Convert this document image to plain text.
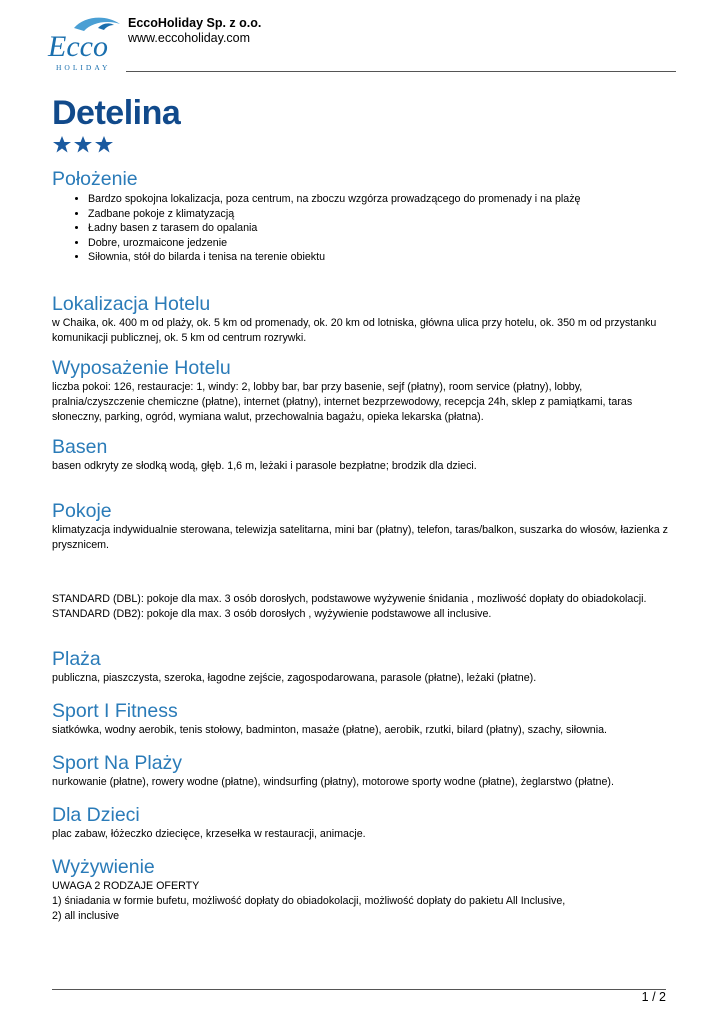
Ecco
HOLIDAY
EccoHoliday Sp. z o.o.
www.eccoholiday.com
Detelina
Położenie
• Bardzo spokojna lokalizacja, poza centrum, na zboczu wzgórza prowadzącego do promenady i na plażę
• Zadbane pokoje z klimatyzacją
• Ładny basen z tarasem do opalania
• Dobre, urozmaicone jedzenie
• Siłownia, stół do bilarda i tenisa na terenie obiektu
Lokalizacja Hotelu

w Chaika, ok. 400 m od plaży, ok. 5 km od promenady, ok. 20 km od lotniska, główna ulica przy hotelu, ok. 350 m od przystanku komunikacji publicznej, ok. 5 km od centrum rozrywki.

Wyposażenie Hotelu

liczba pokoi: 126, restauracje: 1, windy: 2, lobby bar, bar przy basenie, sejf (płatny), room service (płatny), lobby, pralnia/czyszczenie chemiczne (płatne), internet (płatny), internet bezprzewodowy, recepcja 24h, sklep z pamiątkami, taras słoneczny, parking, ogród, wymiana walut, przechowalnia bagażu, opieka lekarska (płatna).

Basen

basen odkryty ze słodką wodą, głęb. 1,6 m, leżaki i parasole bezpłatne; brodzik dla dzieci.

Pokoje

klimatyzacja indywidualnie sterowana, telewizja satelitarna, mini bar (płatny), telefon, taras/balkon, suszarka do włosów, łazienka z prysznicem.

STANDARD (DBL): pokoje dla max. 3 osób dorosłych, podstawowe wyżywenie śnidania , mozliwość dopłaty do obiadokolacji.

STANDARD (DB2): pokoje dla max. 3 osób dorosłych , wyżywienie podstawowe all inclusive.

Plaża

publiczna, piaszczysta, szeroka, łagodne zejście, zagospodarowana, parasole (płatne), leżaki (płatne).

Sport I Fitness

siatkówka, wodny aerobik, tenis stołowy, badminton, masaże (płatne), aerobik, rzutki, bilard (płatny), szachy, siłownia.

Sport Na Plaży

nurkowanie (płatne), rowery wodne (płatne), windsurfing (płatny), motorowe sporty wodne (płatne), żeglarstwo (płatne).

Dla Dzieci

plac zabaw, łóżeczko dziecięce, krzesełka w restauracji, animacje.

Wyżywienie

UWAGA 2 RODZAJE OFERTY

1) śniadania w formie bufetu, możliwość dopłaty do obiadokolacji, możliwość dopłaty do pakietu All Inclusive,

2) all inclusive

1 / 2
